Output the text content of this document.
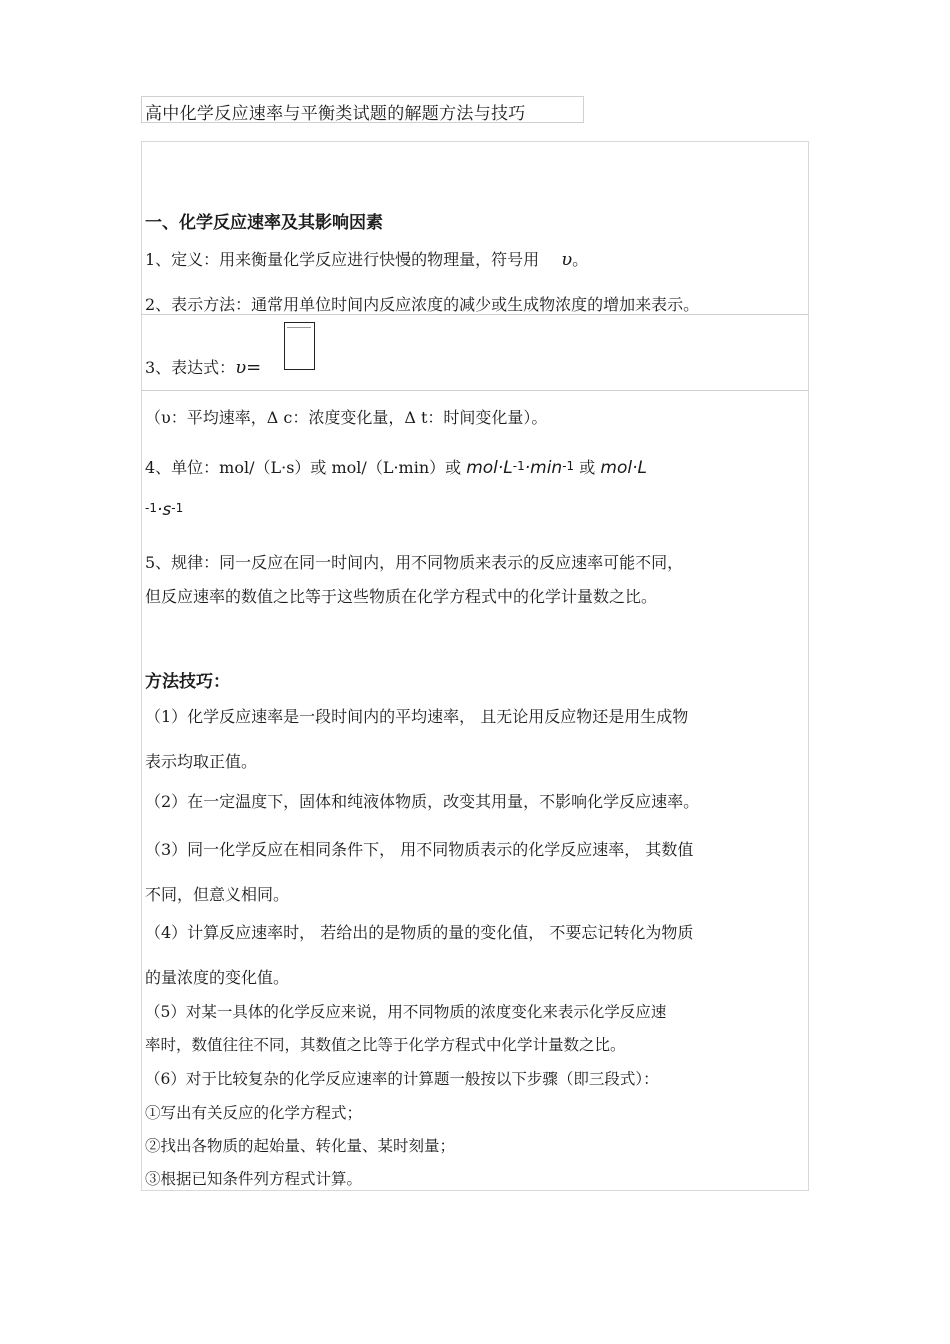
高中化学反应速率与平衡类试题的解题方法与技巧
一、化学反应速率及其影响因素
1、定义：用来衡量化学反应进行快慢的物理量，符号用 υ。
2、表示方法：通常用单位时间内反应浓度的减少或生成物浓度的增加来表示。
3、表达式：υ=
（υ：平均速率，Δ c：浓度变化量，Δ t：时间变化量）。
4、单位：mol/（L·s）或 mol/（L·min）或 mol·L-1·min-1 或 mol·L
-1·s-1
5、规律：同一反应在同一时间内，用不同物质来表示的反应速率可能不同，
但反应速率的数值之比等于这些物质在化学方程式中的化学计量数之比。
方法技巧：
（1）化学反应速率是一段时间内的平均速率， 且无论用反应物还是用生成物
表示均取正值。
（2）在一定温度下，固体和纯液体物质，改变其用量，不影响化学反应速率。
（3）同一化学反应在相同条件下， 用不同物质表示的化学反应速率， 其数值
不同，但意义相同。
（4）计算反应速率时， 若给出的是物质的量的变化值， 不要忘记转化为物质
的量浓度的变化值。
（5）对某一具体的化学反应来说，用不同物质的浓度变化来表示化学反应速
率时，数值往往不同，其数值之比等于化学方程式中化学计量数之比。
（6）对于比较复杂的化学反应速率的计算题一般按以下步骤（即三段式）：
①写出有关反应的化学方程式；
②找出各物质的起始量、转化量、某时刻量；
③根据已知条件列方程式计算。
